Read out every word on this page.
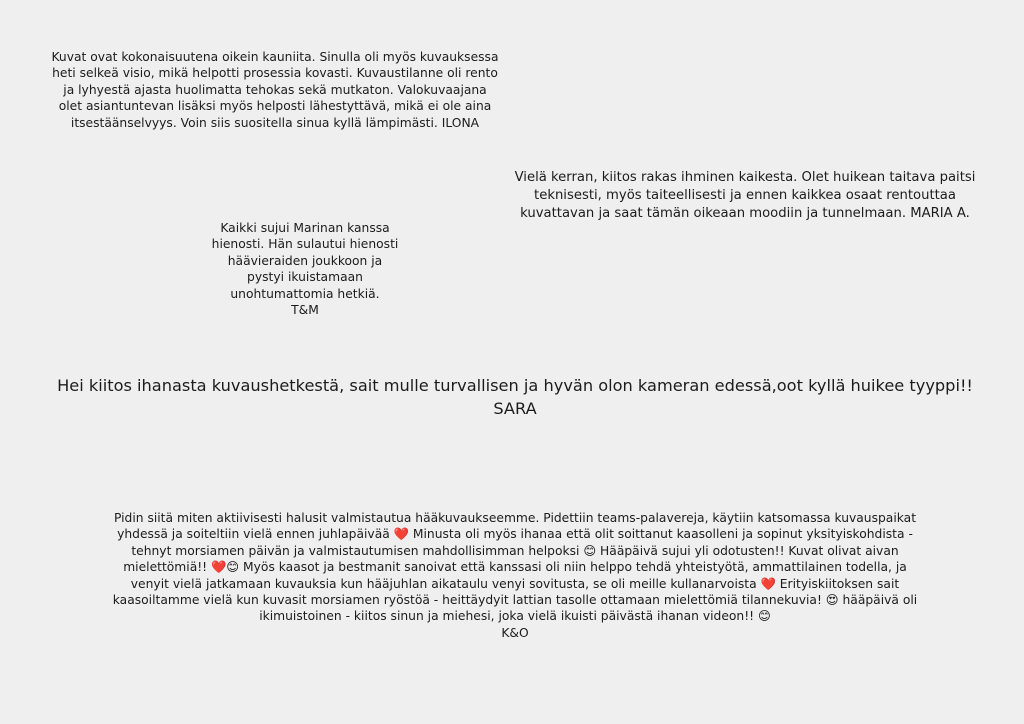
Kuvat ovat kokonaisuutena oikein kauniita. Sinulla oli myös kuvauksessa heti selkeä visio, mikä helpotti prosessia kovasti. Kuvaustilanne oli rento ja lyhyestä ajasta huolimatta tehokas sekä mutkaton. Valokuvaajana olet asiantuntevan lisäksi myös helposti lähestyttävä, mikä ei ole aina itsestäänselvyys. Voin siis suositella sinua kyllä lämpimästi. ILONA

Vielä kerran, kiitos rakas ihminen kaikesta. Olet huikean taitava paitsi teknisesti, myös taiteellisesti ja ennen kaikkea osaat rentouttaa kuvattavan ja saat tämän oikeaan moodiin ja tunnelmaan. MARIA A.

Kaikki sujui Marinan kanssa hienosti. Hän sulautui hienosti häävieraiden joukkoon ja pystyi ikuistamaan unohtumattomia hetkiä.

T&M

Hei kiitos ihanasta kuvaushetkestä, sait mulle turvallisen ja hyvän olon kameran edessä,oot kyllä huikee tyyppi!!

SARA

Pidin siitä miten aktiivisesti halusit valmistautua hääkuvaukseemme. Pidettiin teams-palavereja, käytiin katsomassa kuvauspaikat yhdessä ja soiteltiin vielä ennen juhlapäivää ❤️ Minusta oli myös ihanaa että olit soittanut kaasolleni ja sopinut yksityiskohdista - tehnyt morsiamen päivän ja valmistautumisen mahdollisimman helpoksi 😊 Hääpäivä sujui yli odotusten!! Kuvat olivat aivan mielettömiä!! ❤️😊 Myös kaasot ja bestmanit sanoivat että kanssasi oli niin helppo tehdä yhteistyötä, ammattilainen todella, ja venyit vielä jatkamaan kuvauksia kun hääjuhlan aikataulu venyi sovitusta, se oli meille kullanarvoista ❤️ Erityiskiitoksen sait kaasoiltamme vielä kun kuvasit morsiamen ryöstöä - heittäydyit lattian tasolle ottamaan mielettömiä tilannekuvia! 😍 hääpäivä oli ikimuistoinen - kiitos sinun ja miehesi, joka vielä ikuisti päivästä ihanan videon!! 😊

K&O
